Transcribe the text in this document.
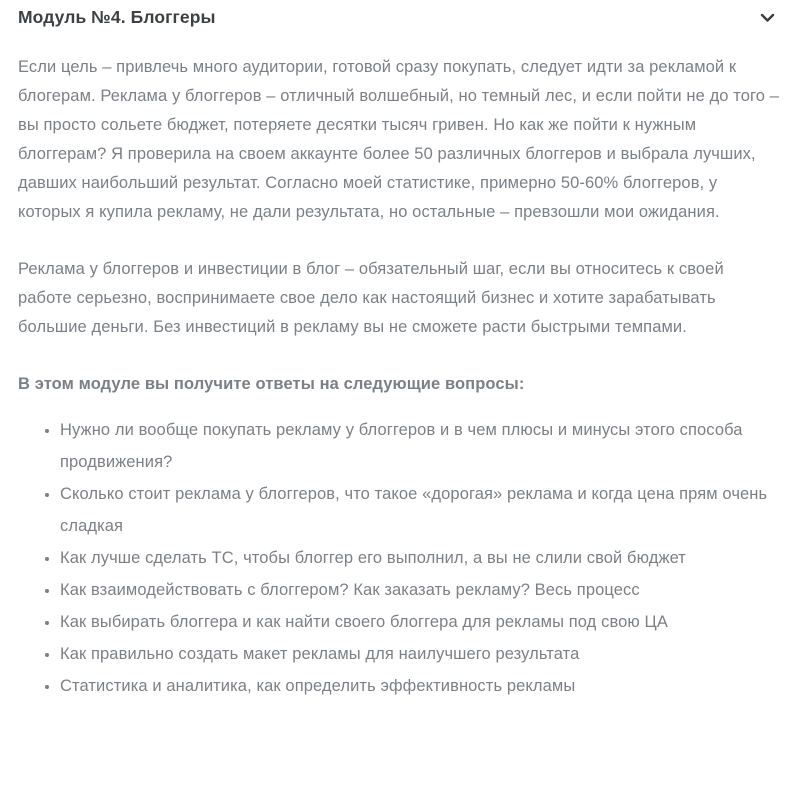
Модуль №4. Блоггеры

Если цель – привлечь много аудитории, готовой сразу покупать, следует идти за рекламой к блогерам. Реклама у блоггеров – отличный волшебный, но темный лес, и если пойти не до того – вы просто сольете бюджет, потеряете десятки тысяч гривен. Но как же пойти к нужным блоггерам? Я проверила на своем аккаунте более 50 различных блоггеров и выбрала лучших, давших наибольший результат. Согласно моей статистике, примерно 50-60% блоггеров, у которых я купила рекламу, не дали результата, но остальные – превзошли мои ожидания.

Реклама у блоггеров и инвестиции в блог – обязательный шаг, если вы относитесь к своей работе серьезно, воспринимаете свое дело как настоящий бизнес и хотите зарабатывать большие деньги. Без инвестиций в рекламу вы не сможете расти быстрыми темпами.

В этом модуле вы получите ответы на следующие вопросы:

• Нужно ли вообще покупать рекламу у блоггеров и в чем плюсы и минусы этого способа продвижения?
• Сколько стоит реклама у блоггеров, что такое «дорогая» реклама и когда цена прям очень сладкая
• Как лучше сделать ТС, чтобы блоггер его выполнил, а вы не слили свой бюджет
• Как взаимодействовать с блоггером? Как заказать рекламу? Весь процесс
• Как выбирать блоггера и как найти своего блоггера для рекламы под свою ЦА
• Как правильно создать макет рекламы для наилучшего результата
• Статистика и аналитика, как определить эффективность рекламы
